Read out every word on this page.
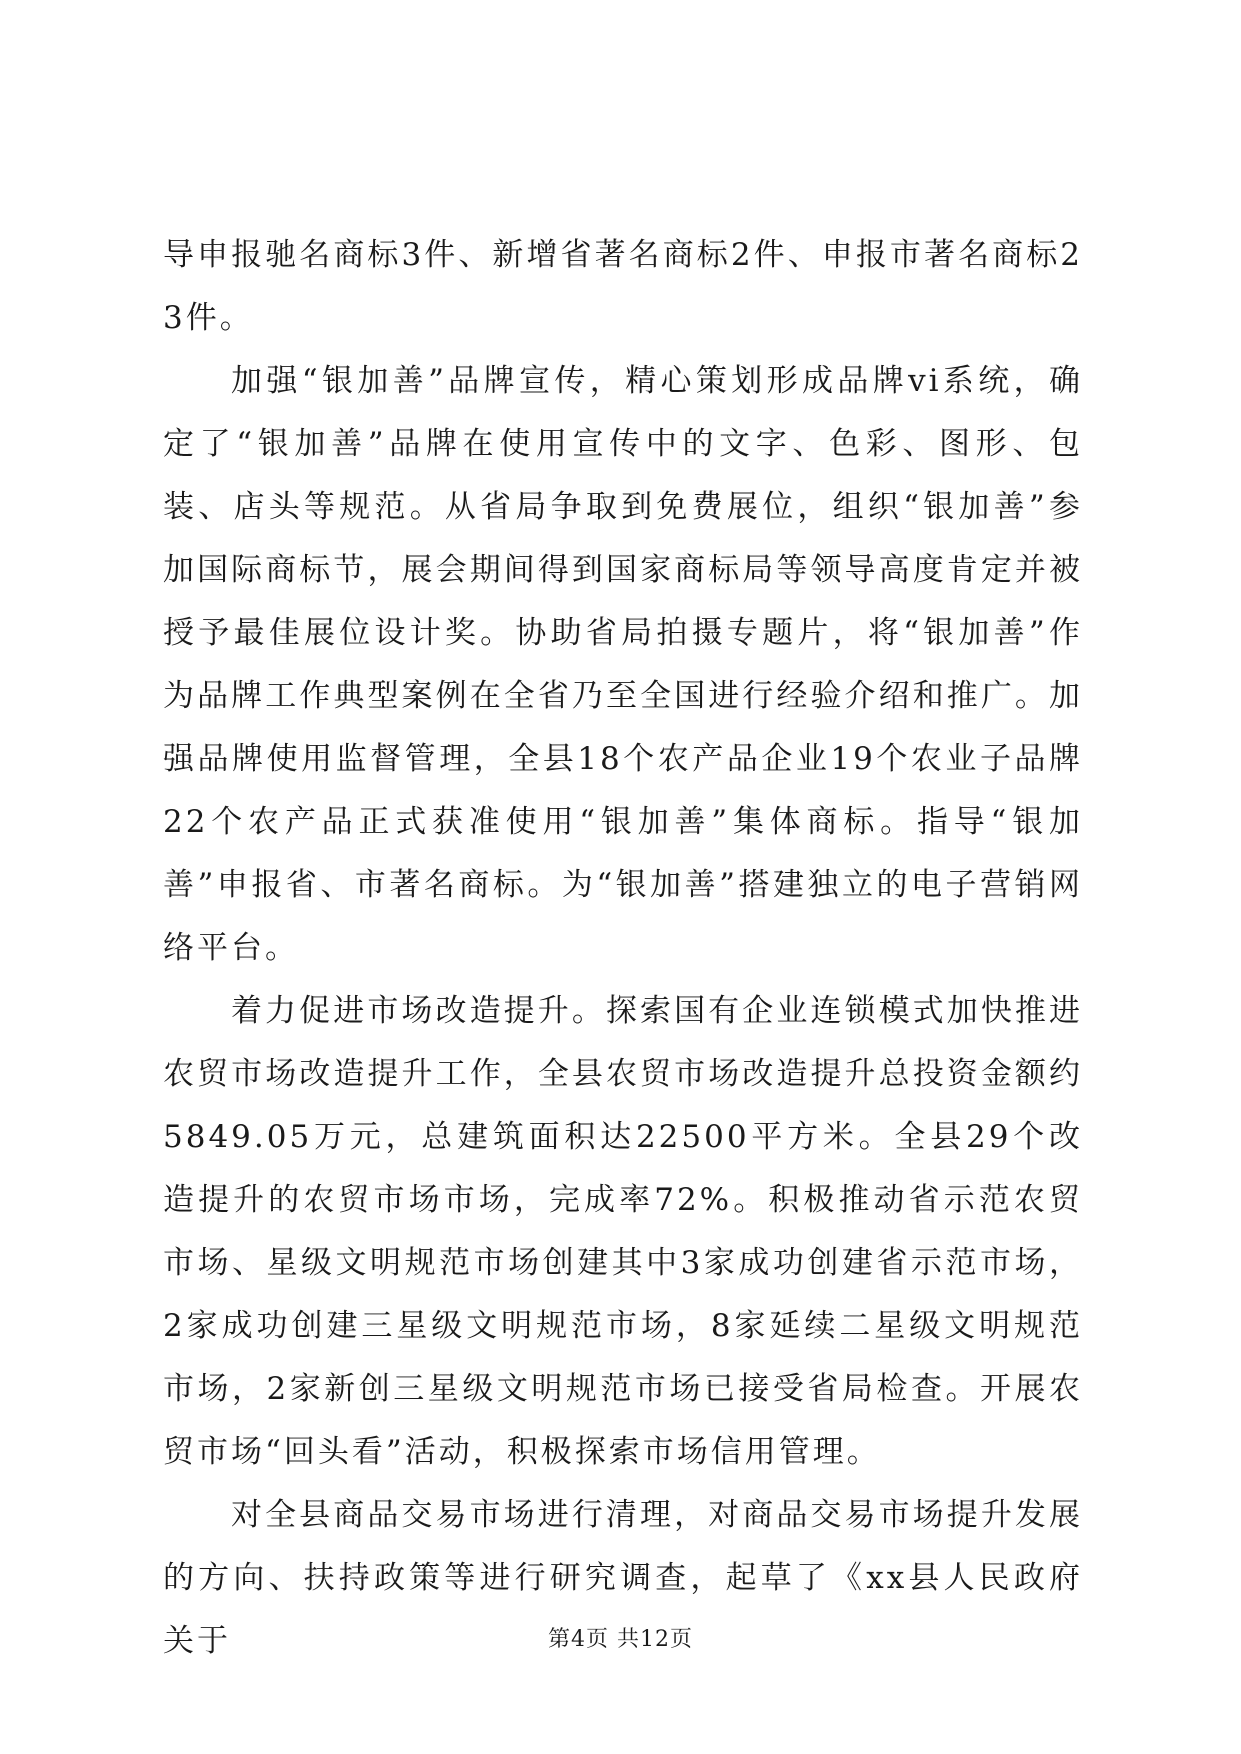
导申报驰名商标3件、新增省著名商标2件、申报市著名商标23件。

加强“银加善”品牌宣传，精心策划形成品牌vi系统，确定了“银加善”品牌在使用宣传中的文字、色彩、图形、包装、店头等规范。从省局争取到免费展位，组织“银加善”参加国际商标节，展会期间得到国家商标局等领导高度肯定并被授予最佳展位设计奖。协助省局拍摄专题片，将“银加善”作为品牌工作典型案例在全省乃至全国进行经验介绍和推广。加强品牌使用监督管理，全县18个农产品企业19个农业子品牌22个农产品正式获准使用“银加善”集体商标。指导“银加善”申报省、市著名商标。为“银加善”搭建独立的电子营销网络平台。

着力促进市场改造提升。探索国有企业连锁模式加快推进农贸市场改造提升工作，全县农贸市场改造提升总投资金额约5849.05万元，总建筑面积达22500平方米。全县29个改造提升的农贸市场市场，完成率72%。积极推动省示范农贸市场、星级文明规范市场创建其中3家成功创建省示范市场，2家成功创建三星级文明规范市场，8家延续二星级文明规范市场，2家新创三星级文明规范市场已接受省局检查。开展农贸市场“回头看”活动，积极探索市场信用管理。

对全县商品交易市场进行清理，对商品交易市场提升发展的方向、扶持政策等进行研究调查，起草了《xx县人民政府关于	第4页 共12页
